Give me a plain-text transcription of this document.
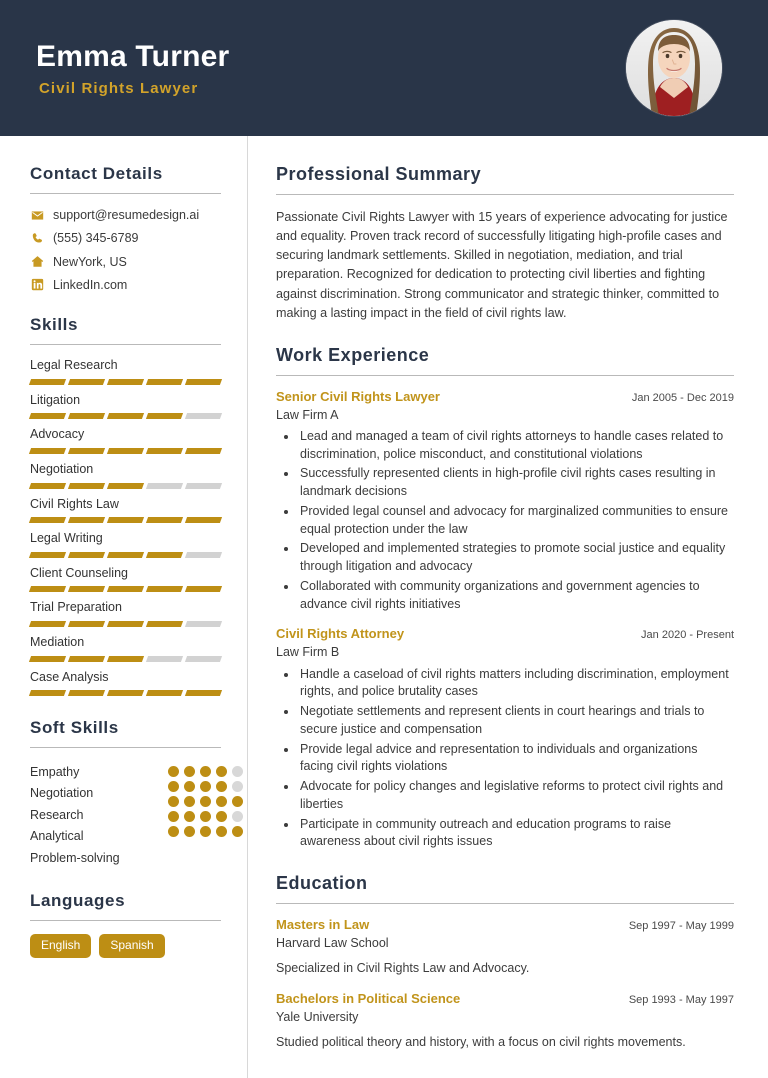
Emma Turner
Civil Rights Lawyer
Contact Details
support@resumedesign.ai
(555) 345-6789
NewYork, US
LinkedIn.com
Skills
Legal Research
Litigation
Advocacy
Negotiation
Civil Rights Law
Legal Writing
Client Counseling
Trial Preparation
Mediation
Case Analysis
Soft Skills
Empathy
Negotiation
Research
Analytical
Problem-solving
Languages
English	Spanish
Professional Summary
Passionate Civil Rights Lawyer with 15 years of experience advocating for justice and equality. Proven track record of successfully litigating high-profile cases and securing landmark settlements. Skilled in negotiation, mediation, and trial preparation. Recognized for dedication to protecting civil liberties and fighting against discrimination. Strong communicator and strategic thinker, committed to making a lasting impact in the field of civil rights law.
Work Experience
Senior Civil Rights Lawyer	Jan 2005 - Dec 2019
Law Firm A
• Lead and managed a team of civil rights attorneys to handle cases related to discrimination, police misconduct, and constitutional violations
• Successfully represented clients in high-profile civil rights cases resulting in landmark decisions
• Provided legal counsel and advocacy for marginalized communities to ensure equal protection under the law
• Developed and implemented strategies to promote social justice and equality through litigation and advocacy
• Collaborated with community organizations and government agencies to advance civil rights initiatives
Civil Rights Attorney	Jan 2020 - Present
Law Firm B
• Handle a caseload of civil rights matters including discrimination, employment rights, and police brutality cases
• Negotiate settlements and represent clients in court hearings and trials to secure justice and compensation
• Provide legal advice and representation to individuals and organizations facing civil rights violations
• Advocate for policy changes and legislative reforms to protect civil rights and liberties
• Participate in community outreach and education programs to raise awareness about civil rights issues
Education
Masters in Law	Sep 1997 - May 1999
Harvard Law School
Specialized in Civil Rights Law and Advocacy.
Bachelors in Political Science	Sep 1993 - May 1997
Yale University
Studied political theory and history, with a focus on civil rights movements.
